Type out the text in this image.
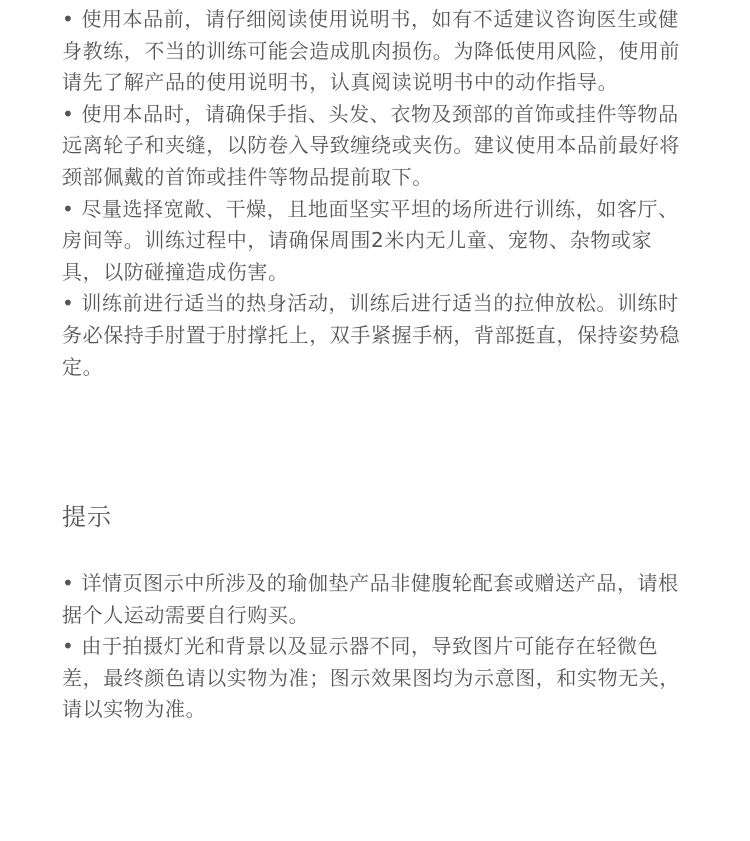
• 使用本品前，请仔细阅读使用说明书，如有不适建议咨询医生或健身教练，不当的训练可能会造成肌肉损伤。为降低使用风险，使用前请先了解产品的使用说明书，认真阅读说明书中的动作指导。

• 使用本品时，请确保手指、头发、衣物及颈部的首饰或挂件等物品远离轮子和夹缝，以防卷入导致缠绕或夹伤。建议使用本品前最好将颈部佩戴的首饰或挂件等物品提前取下。

• 尽量选择宽敞、干燥，且地面坚实平坦的场所进行训练，如客厅、房间等。训练过程中，请确保周围2米内无儿童、宠物、杂物或家具，以防碰撞造成伤害。

• 训练前进行适当的热身活动，训练后进行适当的拉伸放松。训练时务必保持手肘置于肘撑托上，双手紧握手柄，背部挺直，保持姿势稳定。

提示

• 详情页图示中所涉及的瑜伽垫产品非健腹轮配套或赠送产品，请根据个人运动需要自行购买。

• 由于拍摄灯光和背景以及显示器不同，导致图片可能存在轻微色差，最终颜色请以实物为准；图示效果图均为示意图，和实物无关，请以实物为准。
